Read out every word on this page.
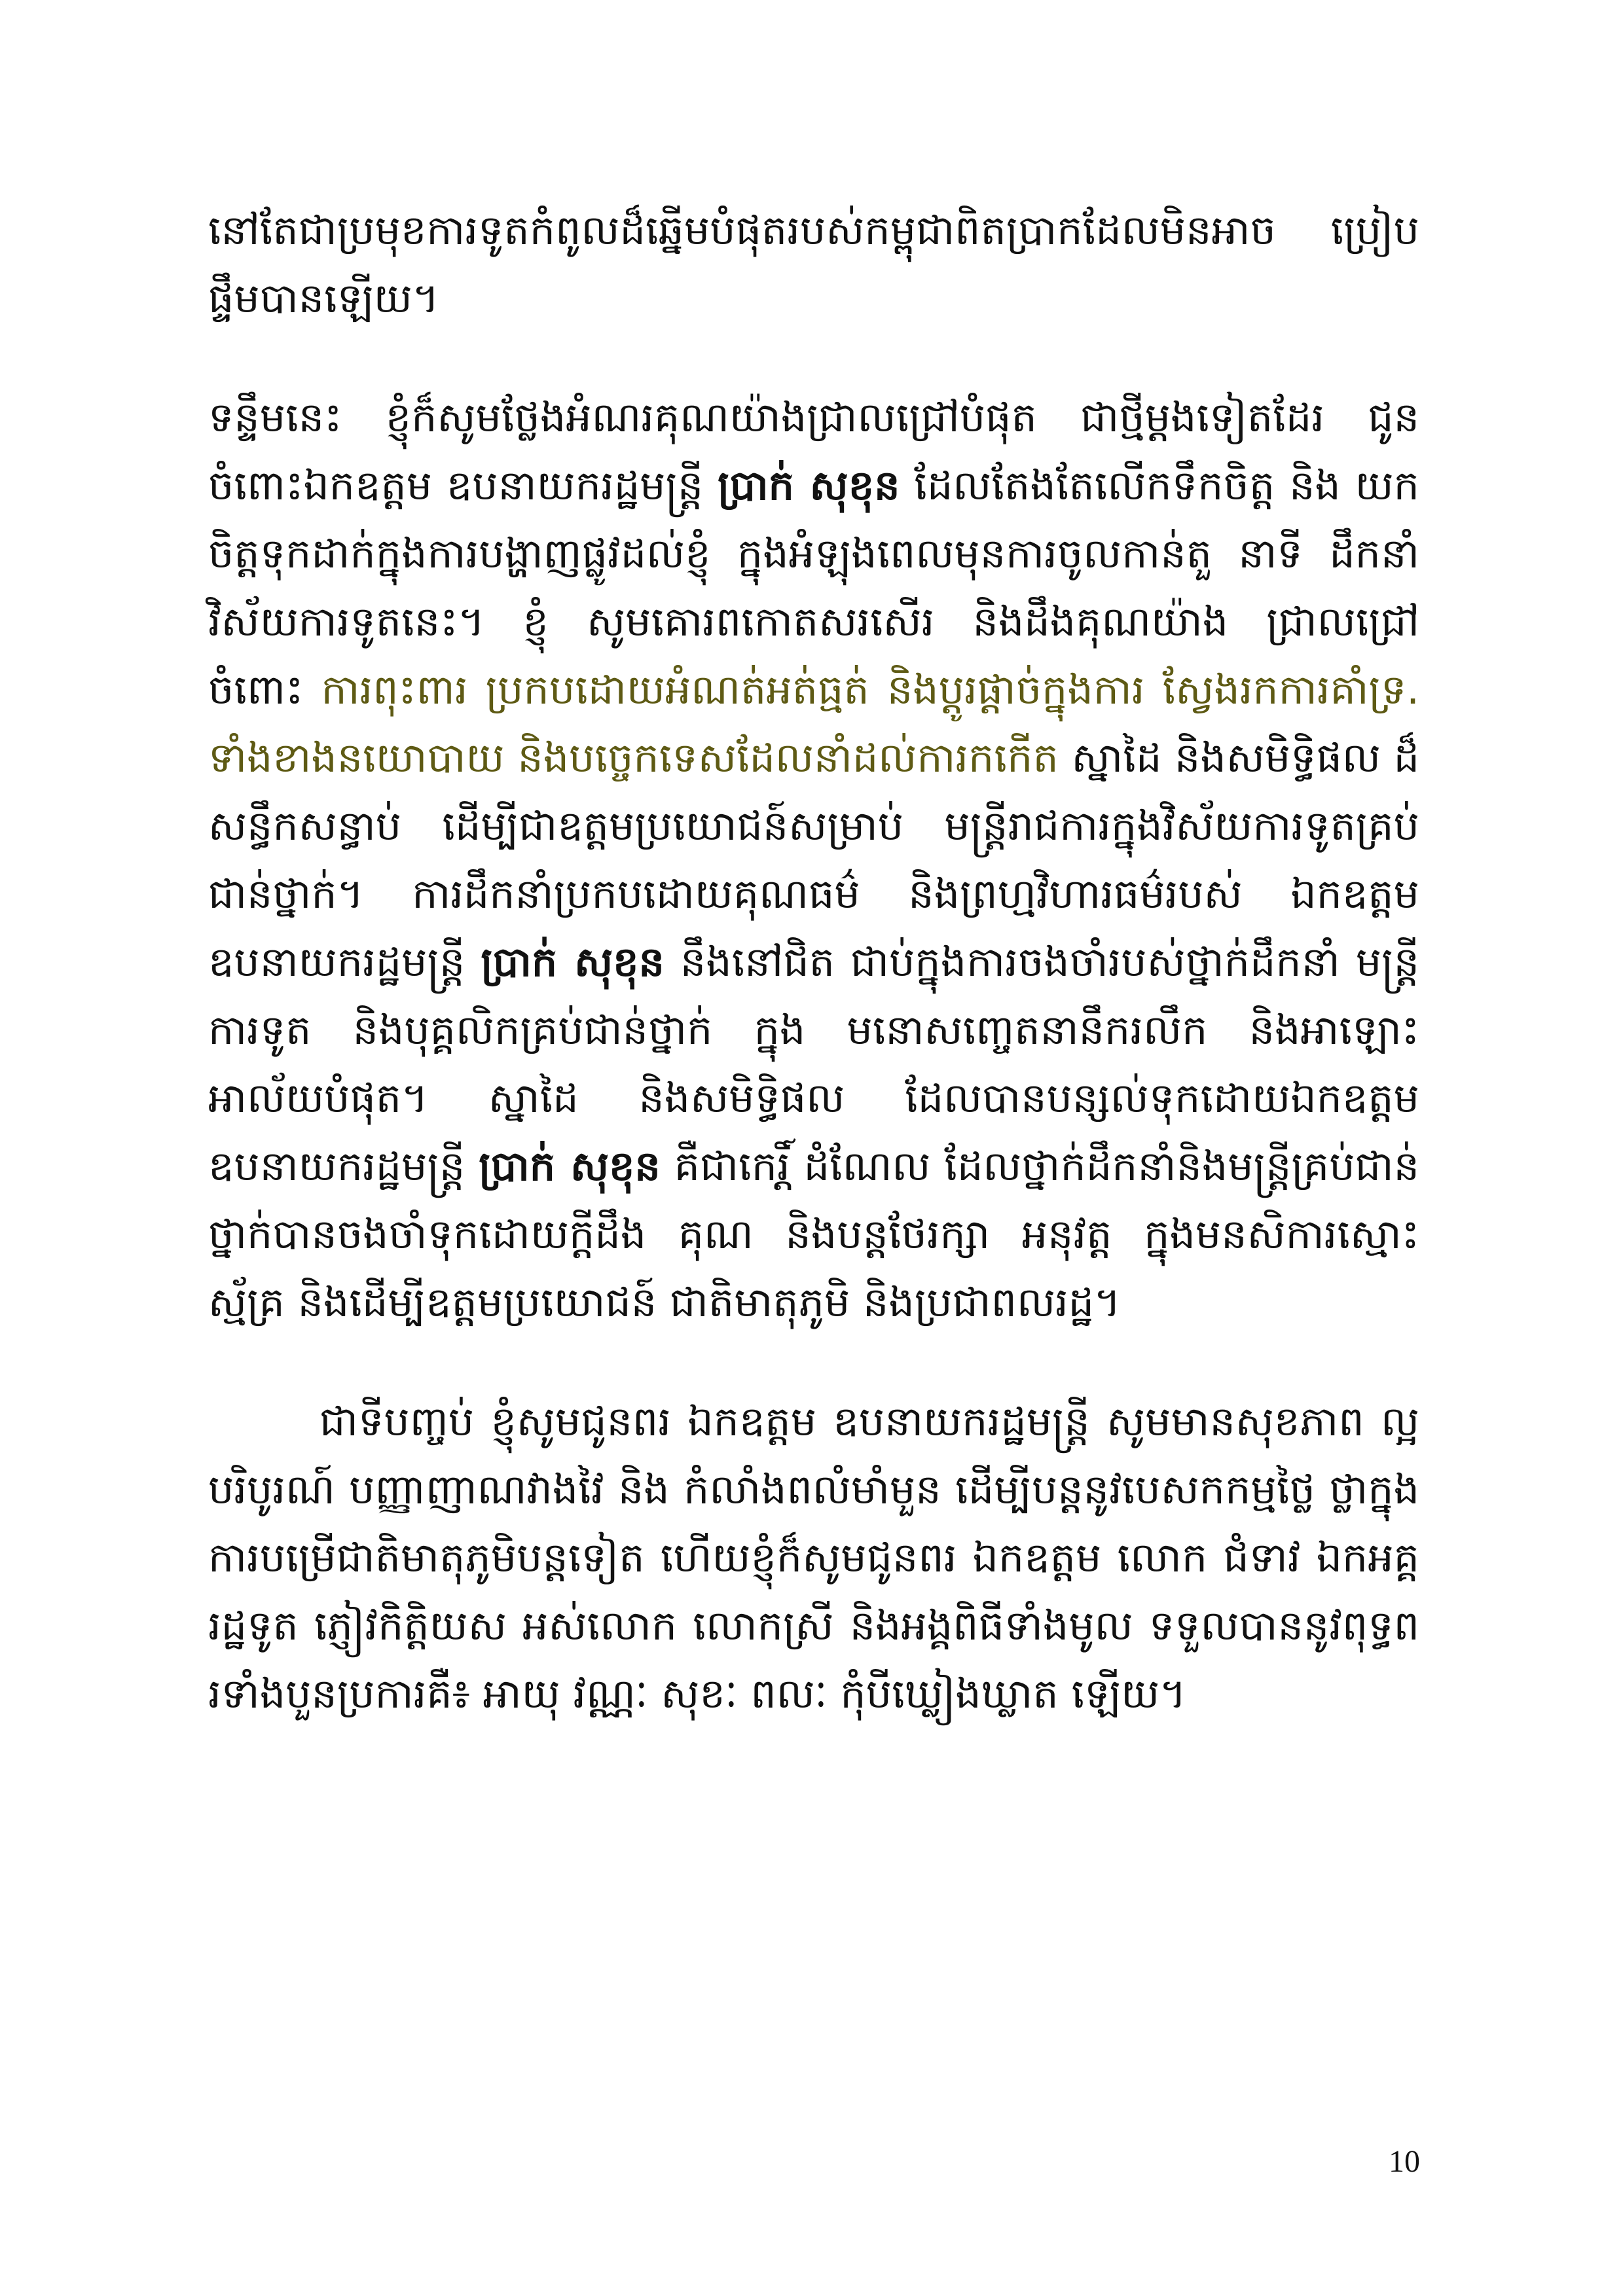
នៅតែជាប្រមុខការទូតកំពូលដ៏ឆ្នើមបំផុតរបស់កម្ពុជាពិតប្រាកដែលមិនអាច ប្រៀបផ្ទឹមបានឡើយ។

ទន្ទឹមនេះ ខ្ញុំក៏សូមថ្លែងអំណរគុណយ៉ាងជ្រាលជ្រៅបំផុត ជាថ្មីម្តងទៀតដែរ ជូន ចំពោះឯកឧត្តម ឧបនាយករដ្ឋមន្ត្រី ប្រាក់ សុខុន ដែលតែងតែលើកទឹកចិត្ត និង យកចិត្តទុកដាក់ក្នុងការបង្ហាញផ្លូវដល់ខ្ញុំ ក្នុងអំឡុងពេលមុនការចូលកាន់តួ នាទី ដឹកនាំ វិស័យការទូតនេះ។ ខ្ញុំ សូមគោរពកោតសរសើរ និងដឹងគុណយ៉ាង ជ្រាលជ្រៅ ចំពោះ ការពុះពារ ប្រកបដោយអំណត់អត់ធ្មត់ និងប្តូរផ្តាច់ក្នុងការ ស្វែងរកការគាំទ្រ. ទាំងខាងនយោបាយ និងបច្ចេកទេសដែលនាំដល់ការកកើត ស្នាដៃ និងសមិទ្ធិផល ដ៏សន្ធឹកសន្ធាប់ ដើម្បីជាឧត្តមប្រយោជន៍សម្រាប់ មន្ត្រីរាជការក្នុងវិស័យការទូតគ្រប់ជាន់ថ្នាក់។ ការដឹកនាំប្រកបដោយគុណធម៌ និងព្រហ្មវិហារធម៌របស់ ឯកឧត្តម ឧបនាយករដ្ឋមន្ត្រី ប្រាក់ សុខុន នឹងនៅជិត ជាប់ក្នុងការចងចាំរបស់ថ្នាក់ដឹកនាំ មន្ត្រីការទូត និងបុគ្គលិកគ្រប់ជាន់ថ្នាក់ ក្នុង មនោសញ្ចេតនានឹករលឹក និងអាឡោះអាល័យបំផុត។ ស្នាដៃ និងសមិទ្ធិផល ដែលបានបន្សល់ទុកដោយឯកឧត្តម ឧបនាយករដ្ឋមន្ត្រី ប្រាក់ សុខុន គឺជាកេរ្តិ៍ ដំណែល ដែលថ្នាក់ដឹកនាំនិងមន្ត្រីគ្រប់ជាន់ថ្នាក់បានចងចាំទុកដោយក្តីដឹង គុណ និងបន្តថែរក្សា អនុវត្ត ក្នុងមនសិការស្មោះស្ម័គ្រ និងដើម្បីឧត្តមប្រយោជន៍ ជាតិមាតុភូមិ និងប្រជាពលរដ្ឋ។

ជាទីបញ្ចប់ ខ្ញុំសូមជូនពរ ឯកឧត្តម ឧបនាយករដ្ឋមន្ត្រី សូមមានសុខភាព ល្អបរិបូរណ៍ បញ្ញាញាណវាងវៃ និង កំលាំងពលំមាំមួន ដើម្បីបន្តនូវបេសកកម្មថ្លៃ ថ្លាក្នុងការបម្រើជាតិមាតុភូមិបន្តទៀត ហើយខ្ញុំក៏សូមជូនពរ ឯកឧត្តម លោក ជំទាវ ឯកអគ្គរដ្ឋទូត ភ្ញៀវកិត្តិយស អស់លោក លោកស្រី និងអង្គពិធីទាំងមូល ទទួលបាននូវពុទ្ធពរទាំងបួនប្រការគឺ៖ អាយុ វណ្ណៈ សុខៈ ពលៈ កុំបីឃ្លៀងឃ្លាត ឡើយ។

10
